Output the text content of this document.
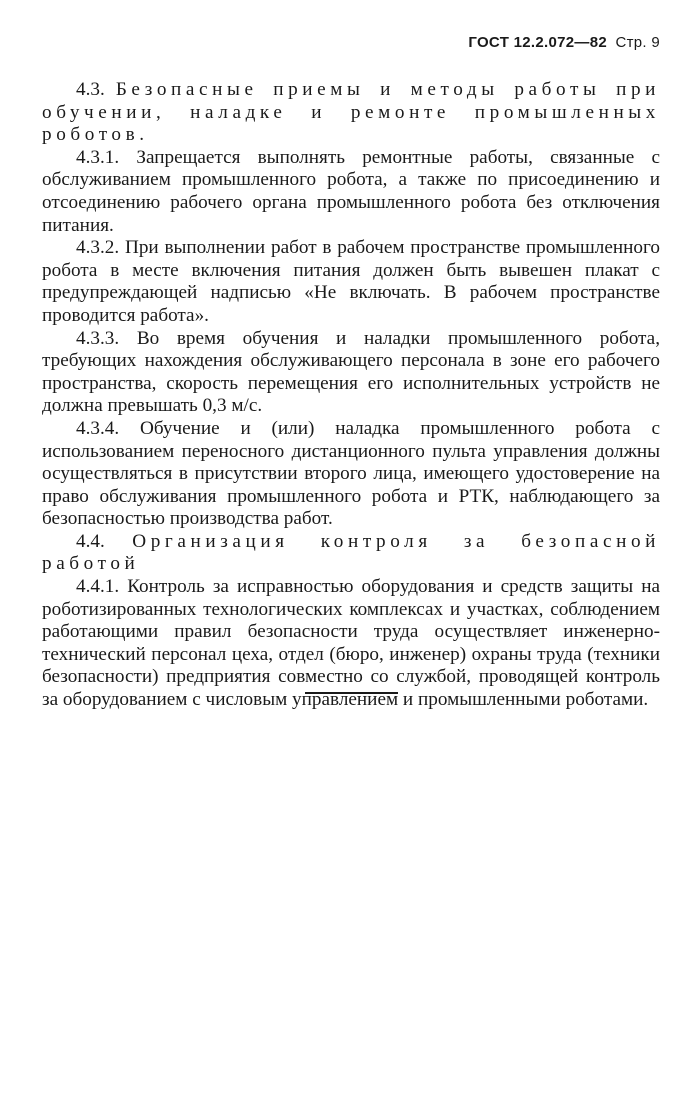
ГОСТ 12.2.072—82 Стр. 9

4.3. Безопасные приемы и методы работы при обучении, наладке и ремонте промышленных роботов.

4.3.1. Запрещается выполнять ремонтные работы, связанные с обслуживанием промышленного робота, а также по присоединению и отсоединению рабочего органа промышленного робота без отключения питания.

4.3.2. При выполнении работ в рабочем пространстве промышленного робота в месте включения питания должен быть вывешен плакат с предупреждающей надписью «Не включать. В рабочем пространстве проводится работа».

4.3.3. Во время обучения и наладки промышленного робота, требующих нахождения обслуживающего персонала в зоне его рабочего пространства, скорость перемещения его исполнительных устройств не должна превышать 0,3 м/с.

4.3.4. Обучение и (или) наладка промышленного робота с использованием переносного дистанционного пульта управления должны осуществляться в присутствии второго лица, имеющего удостоверение на право обслуживания промышленного робота и РТК, наблюдающего за безопасностью производства работ.

4.4. Организация контроля за безопасной работой

4.4.1. Контроль за исправностью оборудования и средств защиты на роботизированных технологических комплексах и участках, соблюдением работающими правил безопасности труда осуществляет инженерно-технический персонал цеха, отдел (бюро, инженер) охраны труда (техники безопасности) предприятия совместно со службой, проводящей контроль за оборудованием с числовым управлением и промышленными роботами.
